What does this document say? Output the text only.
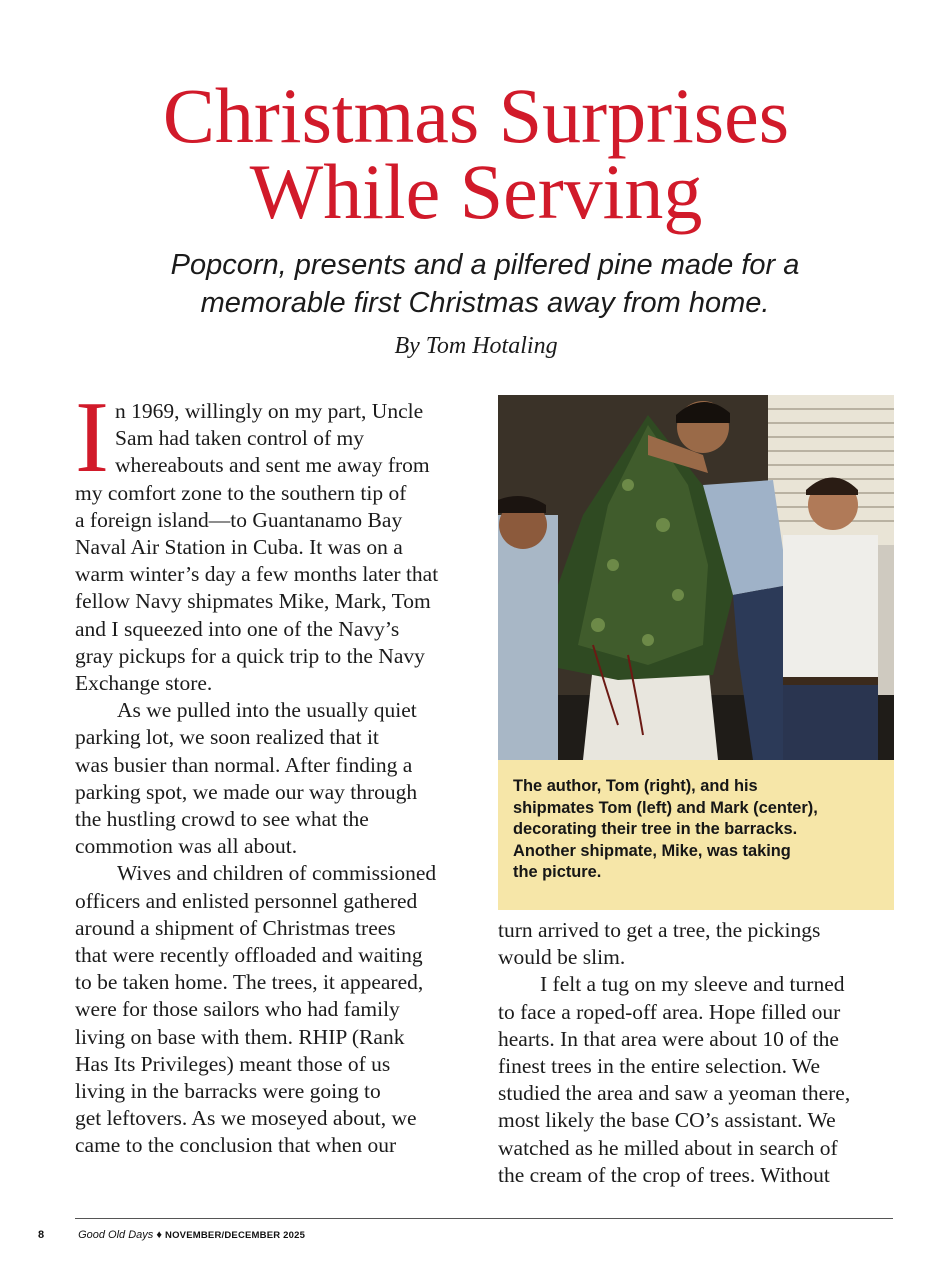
Christmas Surprises
While Serving
Popcorn, presents and a pilfered pine made for a
memorable first Christmas away from home.
By Tom Hotaling
I n 1969, willingly on my part, Uncle
Sam had taken control of my
whereabouts and sent me away from
my comfort zone to the southern tip of
a foreign island—to Guantanamo Bay
Naval Air Station in Cuba. It was on a
warm winter’s day a few months later that
fellow Navy shipmates Mike, Mark, Tom
and I squeezed into one of the Navy’s
gray pickups for a quick trip to the Navy
Exchange store.
As we pulled into the usually quiet
parking lot, we soon realized that it
was busier than normal. After finding a
parking spot, we made our way through
the hustling crowd to see what the
commotion was all about.
Wives and children of commissioned
officers and enlisted personnel gathered
around a shipment of Christmas trees
that were recently offloaded and waiting
to be taken home. The trees, it appeared,
were for those sailors who had family
living on base with them. RHIP (Rank
Has Its Privileges) meant those of us
living in the barracks were going to
get leftovers. As we moseyed about, we
came to the conclusion that when our
The author, Tom (right), and his
shipmates Tom (left) and Mark (center),
decorating their tree in the barracks.
Another shipmate, Mike, was taking
the picture.
turn arrived to get a tree, the pickings
would be slim.
I felt a tug on my sleeve and turned
to face a roped-off area. Hope filled our
hearts. In that area were about 10 of the
finest trees in the entire selection. We
studied the area and saw a yeoman there,
most likely the base CO’s assistant. We
watched as he milled about in search of
the cream of the crop of trees. Without
8	Good Old Days ♦ NOVEMBER/DECEMBER 2025
